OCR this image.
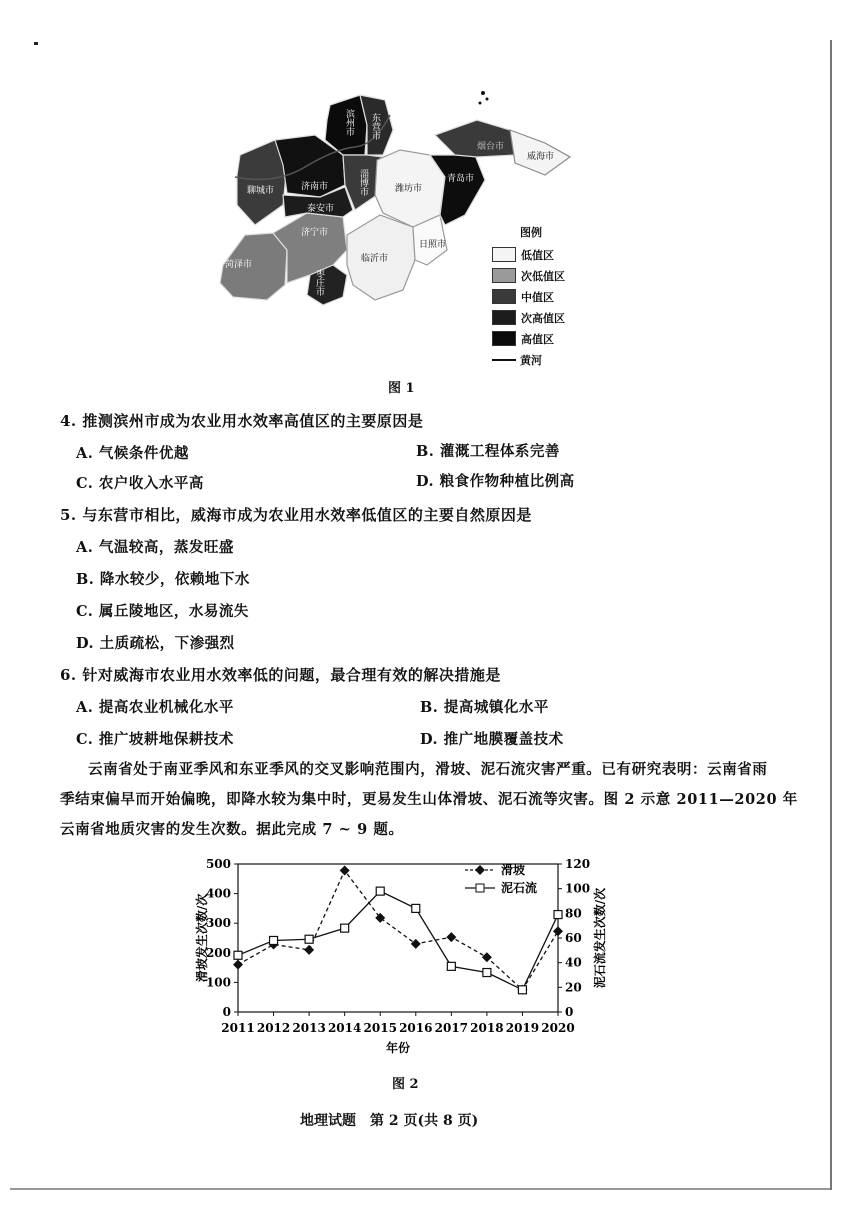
滨州市 东营市
烟台市
威海市
聊城市	济南市	淄博市	潍坊市
青岛市
泰安市
济宁市
菏泽市
枣庄市
临沂市
日照市
图例
低值区
次低值区
中值区
次高值区
高值区
黄河
图 1
4. 推测滨州市成为农业用水效率高值区的主要原因是
A. 气候条件优越	B. 灌溉工程体系完善
C. 农户收入水平高	D. 粮食作物种植比例高
5. 与东营市相比，威海市成为农业用水效率低值区的主要自然原因是
A. 气温较高，蒸发旺盛
B. 降水较少，依赖地下水
C. 属丘陵地区，水易流失
D. 土质疏松，下渗强烈
6. 针对威海市农业用水效率低的问题，最合理有效的解决措施是
A. 提高农业机械化水平	B. 提高城镇化水平
C. 推广坡耕地保耕技术	D. 推广地膜覆盖技术
云南省处于南亚季风和东亚季风的交叉影响范围内，滑坡、泥石流灾害严重。已有研究表明：云南省雨
季结束偏早而开始偏晚，即降水较为集中时，更易发生山体滑坡、泥石流等灾害。图 2 示意 2011—2020 年
云南省地质灾害的发生次数。据此完成 7 ~ 9 题。
0
100
200
300
400
500
0
20
40
60
80
100
120
2011 2012 2013 2014 2015 2016 2017 2018 2019 2020
年份
滑坡发生次数/次	泥石流发生次数/次
滑坡
泥石流
图 2
地理试题　第 2 页(共 8 页)
